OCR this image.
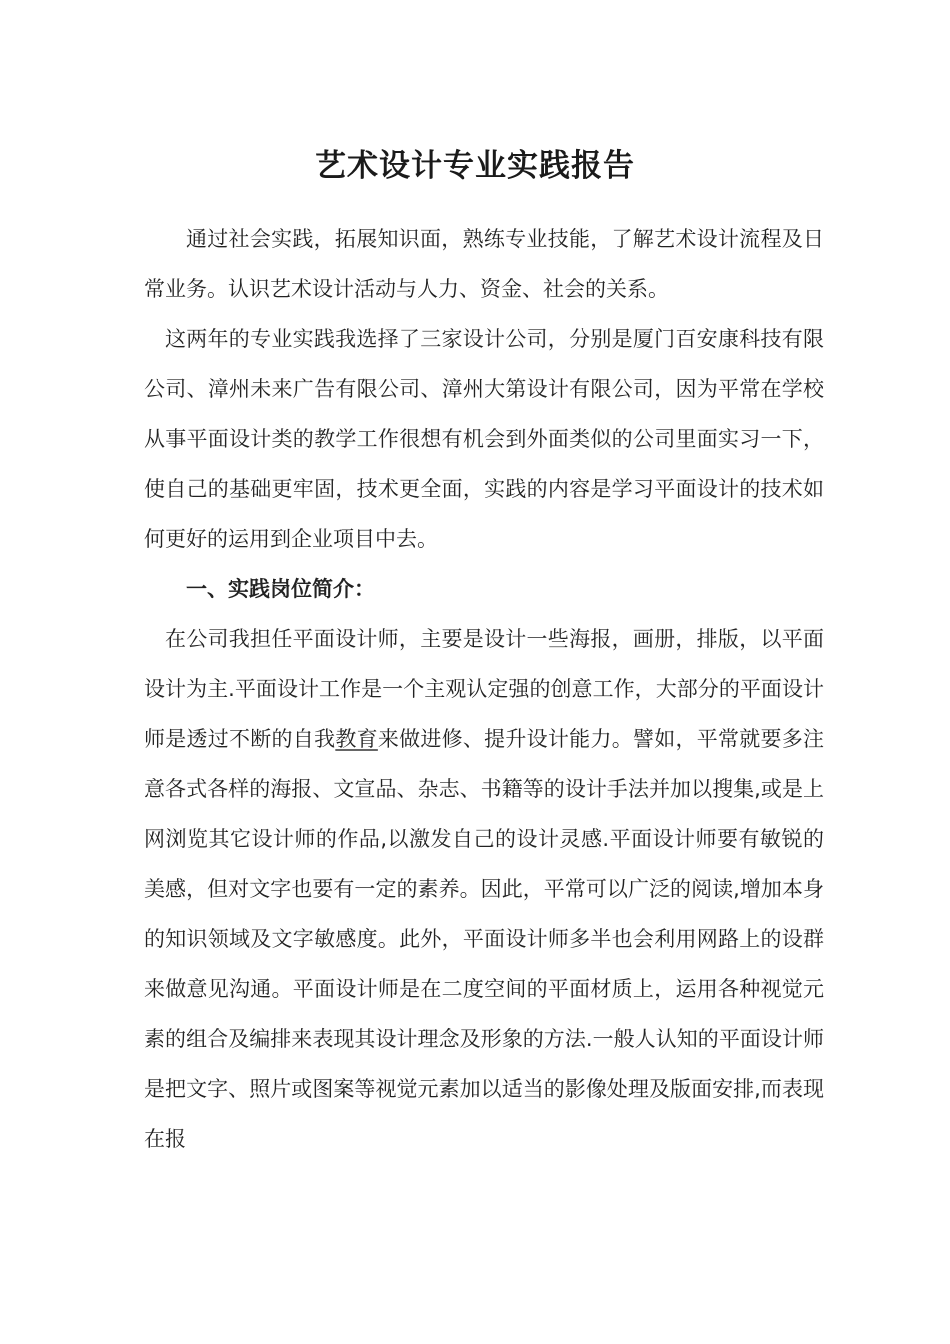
艺术设计专业实践报告

通过社会实践，拓展知识面，熟练专业技能，了解艺术设计流程及日常业务。认识艺术设计活动与人力、资金、社会的关系。

这两年的专业实践我选择了三家设计公司，分别是厦门百安康科技有限公司、漳州未来广告有限公司、漳州大第设计有限公司，因为平常在学校从事平面设计类的教学工作很想有机会到外面类似的公司里面实习一下，使自己的基础更牢固，技术更全面，实践的内容是学习平面设计的技术如何更好的运用到企业项目中去。

一、实践岗位简介：

在公司我担任平面设计师，主要是设计一些海报，画册，排版，以平面设计为主.平面设计工作是一个主观认定强的创意工作，大部分的平面设计师是透过不断的自我教育来做进修、提升设计能力。譬如，平常就要多注意各式各样的海报、文宣品、杂志、书籍等的设计手法并加以搜集,或是上网浏览其它设计师的作品,以激发自己的设计灵感.平面设计师要有敏锐的美感，但对文字也要有一定的素养。因此，平常可以广泛的阅读,增加本身的知识领域及文字敏感度。此外，平面设计师多半也会利用网路上的设群来做意见沟通。平面设计师是在二度空间的平面材质上，运用各种视觉元素的组合及编排来表现其设计理念及形象的方法.一般人认知的平面设计师是把文字、照片或图案等视觉元素加以适当的影像处理及版面安排,而表现在报
